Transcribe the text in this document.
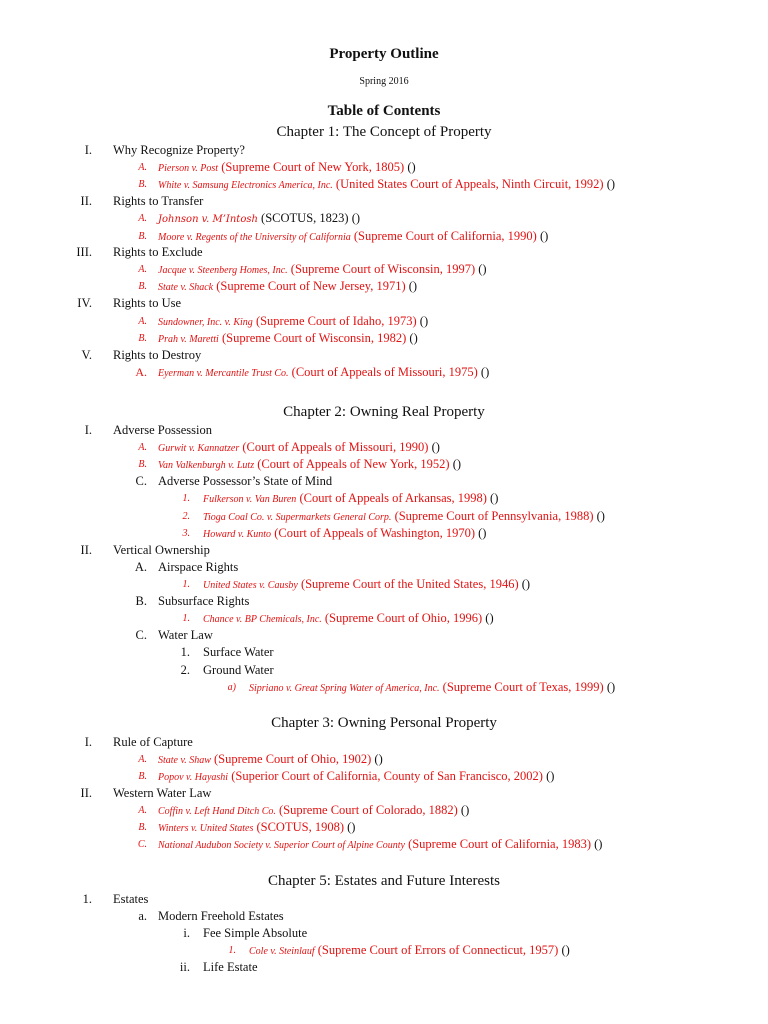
Property Outline
Spring 2016
Table of Contents
Chapter 1: The Concept of Property
I. Why Recognize Property?
A. Pierson v. Post (Supreme Court of New York, 1805) ()
B. White v. Samsung Electronics America, Inc. (United States Court of Appeals, Ninth Circuit, 1992) ()
II. Rights to Transfer
A. Johnson v. M’Intosh (SCOTUS, 1823) ()
B. Moore v. Regents of the University of California (Supreme Court of California, 1990) ()
III. Rights to Exclude
A. Jacque v. Steenberg Homes, Inc. (Supreme Court of Wisconsin, 1997) ()
B. State v. Shack (Supreme Court of New Jersey, 1971) ()
IV. Rights to Use
A. Sundowner, Inc. v. King (Supreme Court of Idaho, 1973) ()
B. Prah v. Maretti (Supreme Court of Wisconsin, 1982) ()
V. Rights to Destroy
A. Eyerman v. Mercantile Trust Co. (Court of Appeals of Missouri, 1975) ()
Chapter 2: Owning Real Property
I. Adverse Possession
A. Gurwit v. Kannatzer (Court of Appeals of Missouri, 1990) ()
B. Van Valkenburgh v. Lutz (Court of Appeals of New York, 1952) ()
C. Adverse Possessor’s State of Mind
1. Fulkerson v. Van Buren (Court of Appeals of Arkansas, 1998) ()
2. Tioga Coal Co. v. Supermarkets General Corp. (Supreme Court of Pennsylvania, 1988) ()
3. Howard v. Kunto (Court of Appeals of Washington, 1970) ()
II. Vertical Ownership
A. Airspace Rights
1. United States v. Causby (Supreme Court of the United States, 1946) ()
B. Subsurface Rights
1. Chance v. BP Chemicals, Inc. (Supreme Court of Ohio, 1996) ()
C. Water Law
1. Surface Water
2. Ground Water
a) Sipriano v. Great Spring Water of America, Inc. (Supreme Court of Texas, 1999) ()
Chapter 3: Owning Personal Property
I. Rule of Capture
A. State v. Shaw (Supreme Court of Ohio, 1902) ()
B. Popov v. Hayashi (Superior Court of California, County of San Francisco, 2002) ()
II. Western Water Law
A. Coffin v. Left Hand Ditch Co. (Supreme Court of Colorado, 1882) ()
B. Winters v. United States (SCOTUS, 1908) ()
C. National Audubon Society v. Superior Court of Alpine County (Supreme Court of California, 1983) ()
Chapter 5: Estates and Future Interests
1. Estates
a. Modern Freehold Estates
i. Fee Simple Absolute
1. Cole v. Steinlauf (Supreme Court of Errors of Connecticut, 1957) ()
ii. Life Estate
